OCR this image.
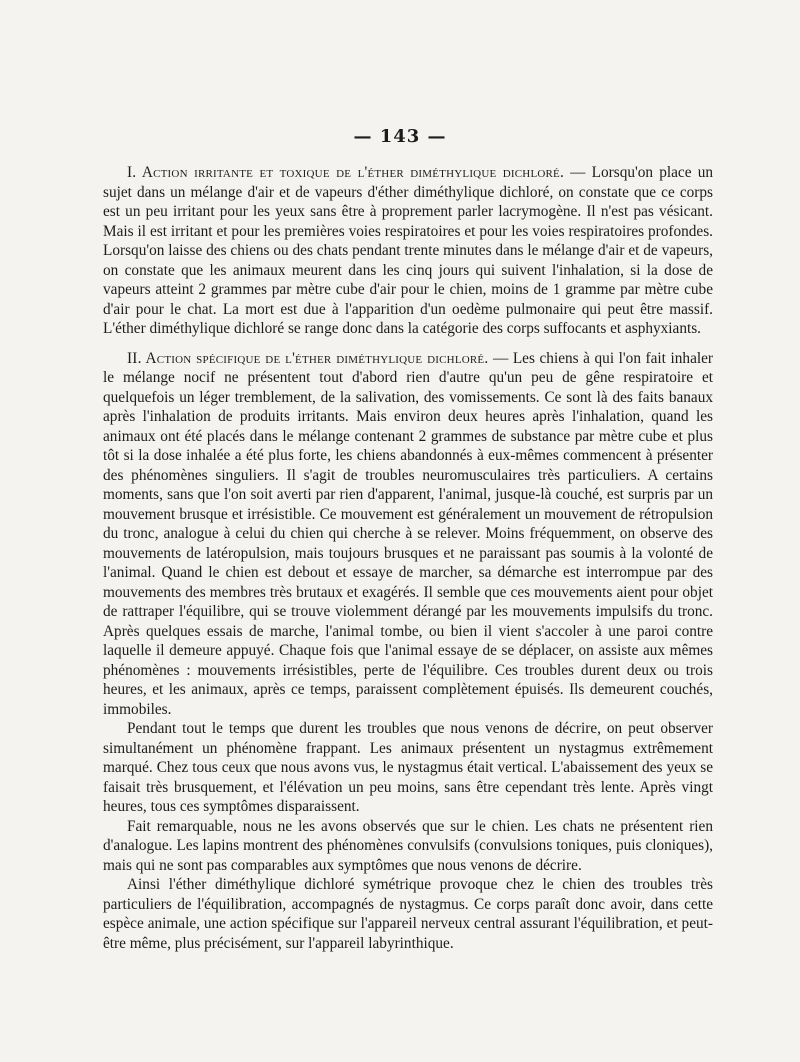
— 143 —

I. Action irritante et toxique de l'éther diméthylique dichloré. — Lorsqu'on place un sujet dans un mélange d'air et de vapeurs d'éther diméthylique dichloré, on constate que ce corps est un peu irritant pour les yeux sans être à proprement parler lacrymogène. Il n'est pas vésicant. Mais il est irritant et pour les premières voies respiratoires et pour les voies respiratoires profondes. Lorsqu'on laisse des chiens ou des chats pendant trente minutes dans le mélange d'air et de vapeurs, on constate que les animaux meurent dans les cinq jours qui suivent l'inhalation, si la dose de vapeurs atteint 2 grammes par mètre cube d'air pour le chien, moins de 1 gramme par mètre cube d'air pour le chat. La mort est due à l'apparition d'un oedème pulmonaire qui peut être massif. L'éther diméthylique dichloré se range donc dans la catégorie des corps suffocants et asphyxiants.

II. Action spécifique de l'éther diméthylique dichloré. — Les chiens à qui l'on fait inhaler le mélange nocif ne présentent tout d'abord rien d'autre qu'un peu de gêne respiratoire et quelquefois un léger tremblement, de la salivation, des vomissements. Ce sont là des faits banaux après l'inhalation de produits irritants. Mais environ deux heures après l'inhalation, quand les animaux ont été placés dans le mélange contenant 2 grammes de substance par mètre cube et plus tôt si la dose inhalée a été plus forte, les chiens abandonnés à eux-mêmes commencent à présenter des phénomènes singuliers. Il s'agit de troubles neuromusculaires très particuliers. A certains moments, sans que l'on soit averti par rien d'apparent, l'animal, jusque-là couché, est surpris par un mouvement brusque et irrésistible. Ce mouvement est généralement un mouvement de rétropulsion du tronc, analogue à celui du chien qui cherche à se relever. Moins fréquemment, on observe des mouvements de latéropulsion, mais toujours brusques et ne paraissant pas soumis à la volonté de l'animal. Quand le chien est debout et essaye de marcher, sa démarche est interrompue par des mouvements des membres très brutaux et exagérés. Il semble que ces mouvements aient pour objet de rattraper l'équilibre, qui se trouve violemment dérangé par les mouvements impulsifs du tronc. Après quelques essais de marche, l'animal tombe, ou bien il vient s'accoler à une paroi contre laquelle il demeure appuyé. Chaque fois que l'animal essaye de se déplacer, on assiste aux mêmes phénomènes : mouvements irrésistibles, perte de l'équilibre. Ces troubles durent deux ou trois heures, et les animaux, après ce temps, paraissent complètement épuisés. Ils demeurent couchés, immobiles.

Pendant tout le temps que durent les troubles que nous venons de décrire, on peut observer simultanément un phénomène frappant. Les animaux présentent un nystagmus extrêmement marqué. Chez tous ceux que nous avons vus, le nystagmus était vertical. L'abaissement des yeux se faisait très brusquement, et l'élévation un peu moins, sans être cependant très lente. Après vingt heures, tous ces symptômes disparaissent.

Fait remarquable, nous ne les avons observés que sur le chien. Les chats ne présentent rien d'analogue. Les lapins montrent des phénomènes convulsifs (convulsions toniques, puis cloniques), mais qui ne sont pas comparables aux symptômes que nous venons de décrire.

Ainsi l'éther diméthylique dichloré symétrique provoque chez le chien des troubles très particuliers de l'équilibration, accompagnés de nystagmus. Ce corps paraît donc avoir, dans cette espèce animale, une action spécifique sur l'appareil nerveux central assurant l'équilibration, et peut-être même, plus précisément, sur l'appareil labyrinthique.
